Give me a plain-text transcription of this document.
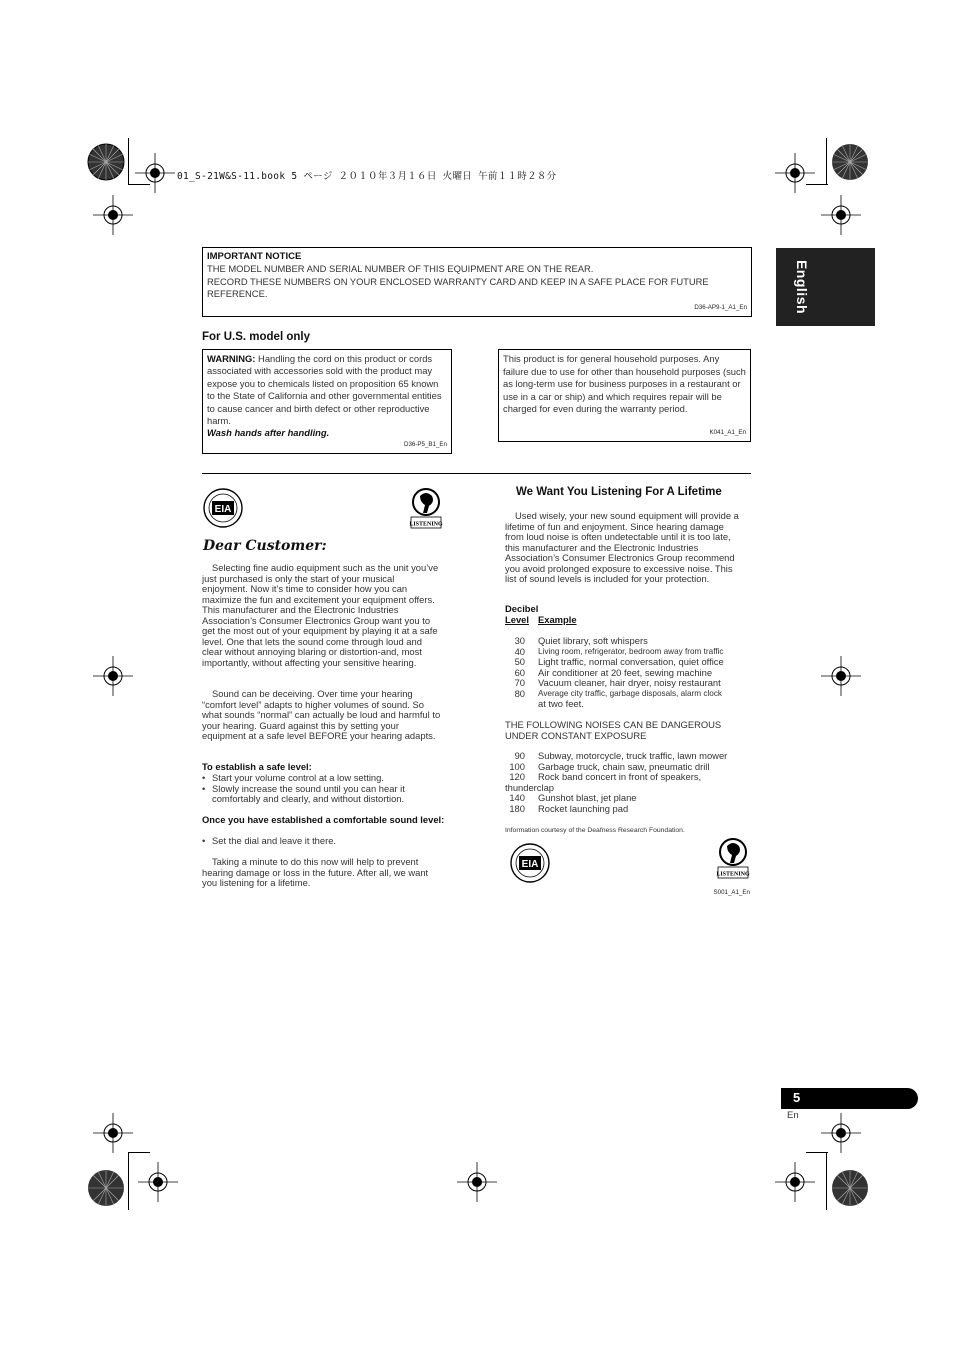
01_S-21W&S-11.book 5 ページ ２０１０年３月１６日 火曜日 午前１１時２８分
English
IMPORTANT NOTICE
THE MODEL NUMBER AND SERIAL NUMBER OF THIS EQUIPMENT ARE ON THE REAR.
RECORD THESE NUMBERS ON YOUR ENCLOSED WARRANTY CARD AND KEEP IN A SAFE PLACE FOR FUTURE REFERENCE.
D36-AP9-1_A1_En
For U.S. model only
WARNING: Handling the cord on this product or cords associated with accessories sold with the product may expose you to chemicals listed on proposition 65 known to the State of California and other governmental entities to cause cancer and birth defect or other reproductive harm.
Wash hands after handling.
D36-P5_B1_En
This product is for general household purposes. Any failure due to use for other than household purposes (such as long-term use for business purposes in a restaurant or use in a car or ship) and which requires repair will be charged for even during the warranty period.
K041_A1_En
EIA
LISTENING
Dear Customer:
Selecting fine audio equipment such as the unit you’ve just purchased is only the start of your musical enjoyment. Now it’s time to consider how you can maximize the fun and excitement your equipment offers. This manufacturer and the Electronic Industries Association’s Consumer Electronics Group want you to get the most out of your equipment by playing it at a safe level. One that lets the sound come through loud and clear without annoying blaring or distortion-and, most importantly, without affecting your sensitive hearing.
Sound can be deceiving. Over time your hearing “comfort level” adapts to higher volumes of sound. So what sounds “normal” can actually be loud and harmful to your hearing. Guard against this by setting your equipment at a safe level BEFORE your hearing adapts.
To establish a safe level:
• Start your volume control at a low setting.
• Slowly increase the sound until you can hear it comfortably and clearly, and without distortion.
Once you have established a comfortable sound level:
• Set the dial and leave it there.
Taking a minute to do this now will help to prevent hearing damage or loss in the future. After all, we want you listening for a lifetime.
We Want You Listening For A Lifetime
Used wisely, your new sound equipment will provide a lifetime of fun and enjoyment. Since hearing damage from loud noise is often undetectable until it is too late, this manufacturer and the Electronic Industries Association’s Consumer Electronics Group recommend you avoid prolonged exposure to excessive noise. This list of sound levels is included for your protection.
Decibel
Level Example
30 Quiet library, soft whispers
40 Living room, refrigerator, bedroom away from traffic
50 Light traffic, normal conversation, quiet office
60 Air conditioner at 20 feet, sewing machine
70 Vacuum cleaner, hair dryer, noisy restaurant
80 Average city traffic, garbage disposals, alarm clock
at two feet.
THE FOLLOWING NOISES CAN BE DANGEROUS UNDER CONSTANT EXPOSURE
90 Subway, motorcycle, truck traffic, lawn mower
100 Garbage truck, chain saw, pneumatic drill
120 Rock band concert in front of speakers,
thunderclap
140 Gunshot blast, jet plane
180 Rocket launching pad
Information courtesy of the Deafness Research Foundation.
EIA
LISTENING
S001_A1_En
5
En
